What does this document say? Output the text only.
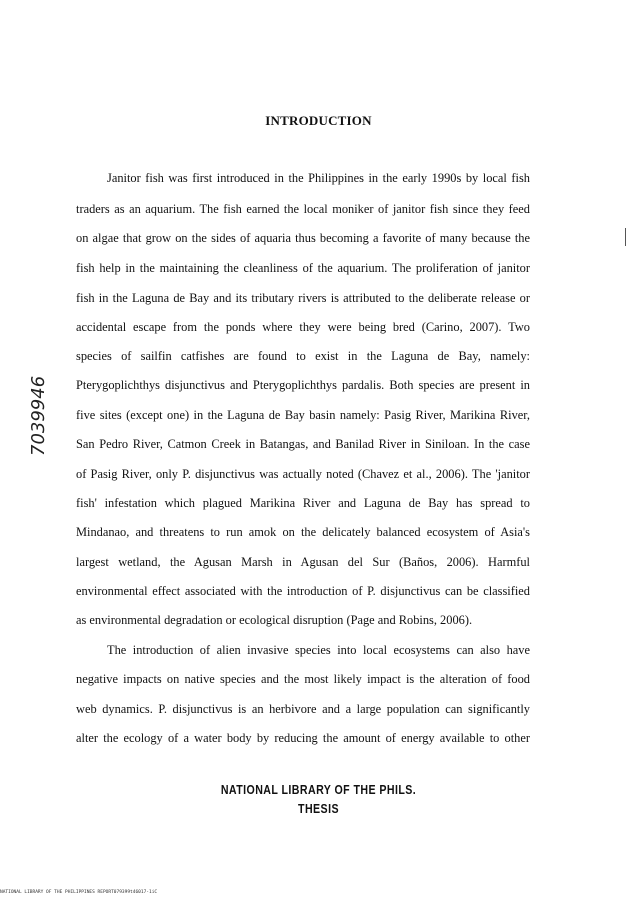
INTRODUCTION
Janitor fish was first introduced in the Philippines in the early 1990s by local fish
traders as an aquarium. The fish earned the local moniker of janitor fish since they feed
on algae that grow on the sides of aquaria thus becoming a favorite of many because the
fish help in the maintaining the cleanliness of the aquarium. The proliferation of janitor
fish in the Laguna de Bay and its tributary rivers is attributed to the deliberate release or
accidental escape from the ponds where they were being bred (Carino, 2007). Two
species of sailfin catfishes are found to exist in the Laguna de Bay, namely:
Pterygoplichthys disjunctivus and Pterygoplichthys pardalis. Both species are present in
five sites (except one) in the Laguna de Bay basin namely: Pasig River, Marikina River,
San Pedro River, Catmon Creek in Batangas, and Banilad River in Siniloan. In the case
of Pasig River, only P. disjunctivus was actually noted (Chavez et al., 2006). The 'janitor
fish' infestation which plagued Marikina River and Laguna de Bay has spread to
Mindanao, and threatens to run amok on the delicately balanced ecosystem of Asia's
largest wetland, the Agusan Marsh in Agusan del Sur (Baños, 2006). Harmful
environmental effect associated with the introduction of P. disjunctivus can be classified
as environmental degradation or ecological disruption (Page and Robins, 2006).
The introduction of alien invasive species into local ecosystems can also have
negative impacts on native species and the most likely impact is the alteration of food
web dynamics. P. disjunctivus is an herbivore and a large population can significantly
alter the ecology of a water body by reducing the amount of energy available to other
NATIONAL LIBRARY OF THE PHILS.
THESIS
7039946
NATIONAL LIBRARY OF THE PHILIPPINES REPORT079399t46017-1iC
